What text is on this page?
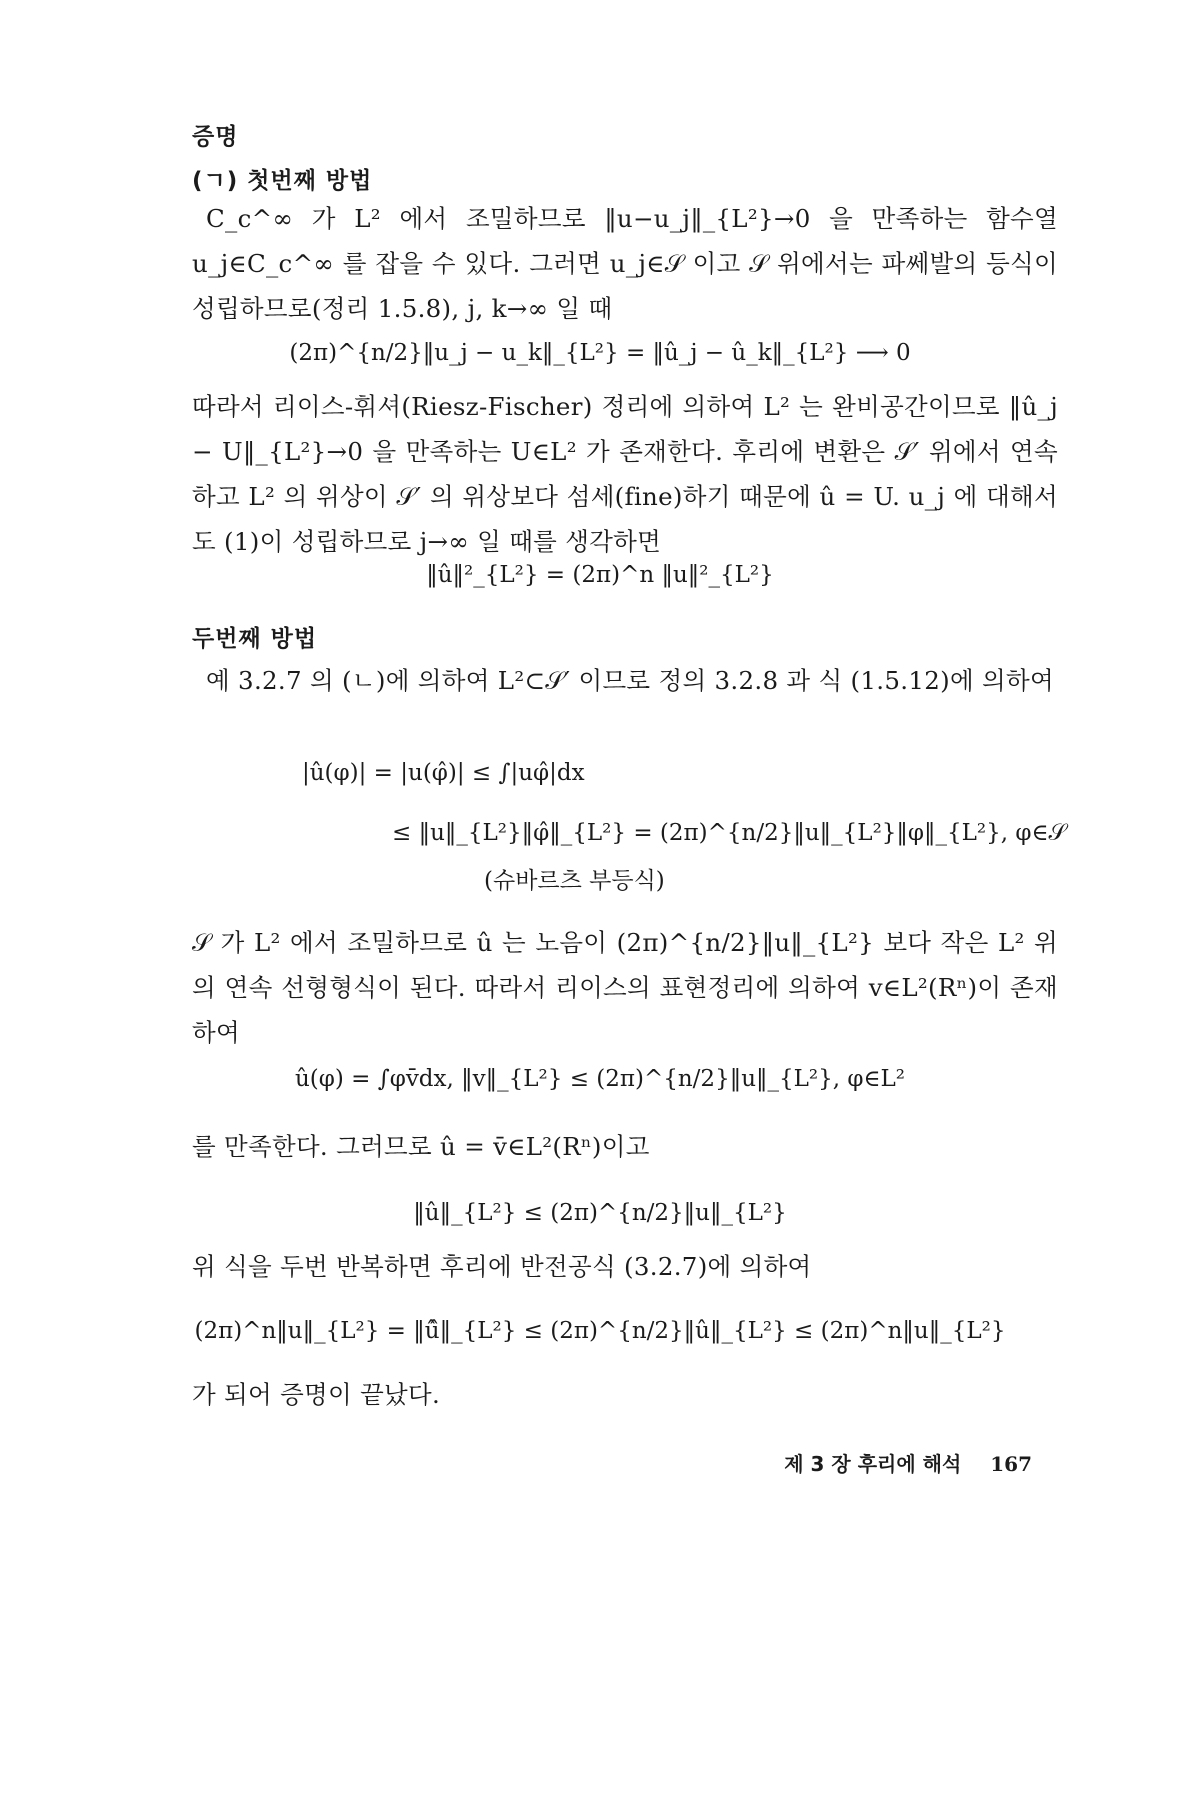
증명
(ㄱ) 첫번째 방법

C_c^∞ 가 L² 에서 조밀하므로 ‖u−u_j‖_{L²}→0 을 만족하는 함수열 u_j∈C_c^∞ 를 잡을 수 있다. 그러면 u_j∈𝒮 이고 𝒮 위에서는 파쎄발의 등식이 성립하므로(정리 1.5.8), j, k→∞ 일 때

(2π)^{n/2}‖u_j − u_k‖_{L²} = ‖û_j − û_k‖_{L²} ⟶ 0

따라서 리이스-휘셔(Riesz-Fischer) 정리에 의하여 L² 는 완비공간이므로 ‖û_j − U‖_{L²}→0 을 만족하는 U∈L² 가 존재한다. 후리에 변환은 𝒮′ 위에서 연속하고 L² 의 위상이 𝒮′ 의 위상보다 섬세(fine)하기 때문에 û = U. u_j 에 대해서도 (1)이 성립하므로 j→∞ 일 때를 생각하면

‖û‖²_{L²} = (2π)^n ‖u‖²_{L²}
두번째 방법

예 3.2.7 의 (ㄴ)에 의하여 L²⊂𝒮′ 이므로 정의 3.2.8 과 식 (1.5.12)에 의하여

|û(φ)| = |u(φ̂)| ≤ ∫|uφ̂|dx
≤ ‖u‖_{L²}‖φ̂‖_{L²} = (2π)^{n/2}‖u‖_{L²}‖φ‖_{L²}, φ∈𝒮
(슈바르츠 부등식)

𝒮 가 L² 에서 조밀하므로 û 는 노음이 (2π)^{n/2}‖u‖_{L²} 보다 작은 L² 위의 연속 선형형식이 된다. 따라서 리이스의 표현정리에 의하여 v∈L²(Rⁿ)이 존재하여

û(φ) = ∫φv̄dx, ‖v‖_{L²} ≤ (2π)^{n/2}‖u‖_{L²}, φ∈L²

를 만족한다. 그러므로 û = v̄∈L²(Rⁿ)이고

‖û‖_{L²} ≤ (2π)^{n/2}‖u‖_{L²}

위 식을 두번 반복하면 후리에 반전공식 (3.2.7)에 의하여

(2π)^n‖u‖_{L²} = ‖û̂‖_{L²} ≤ (2π)^{n/2}‖û‖_{L²} ≤ (2π)^n‖u‖_{L²}

가 되어 증명이 끝났다.

제 3 장 후리에 해석 167
